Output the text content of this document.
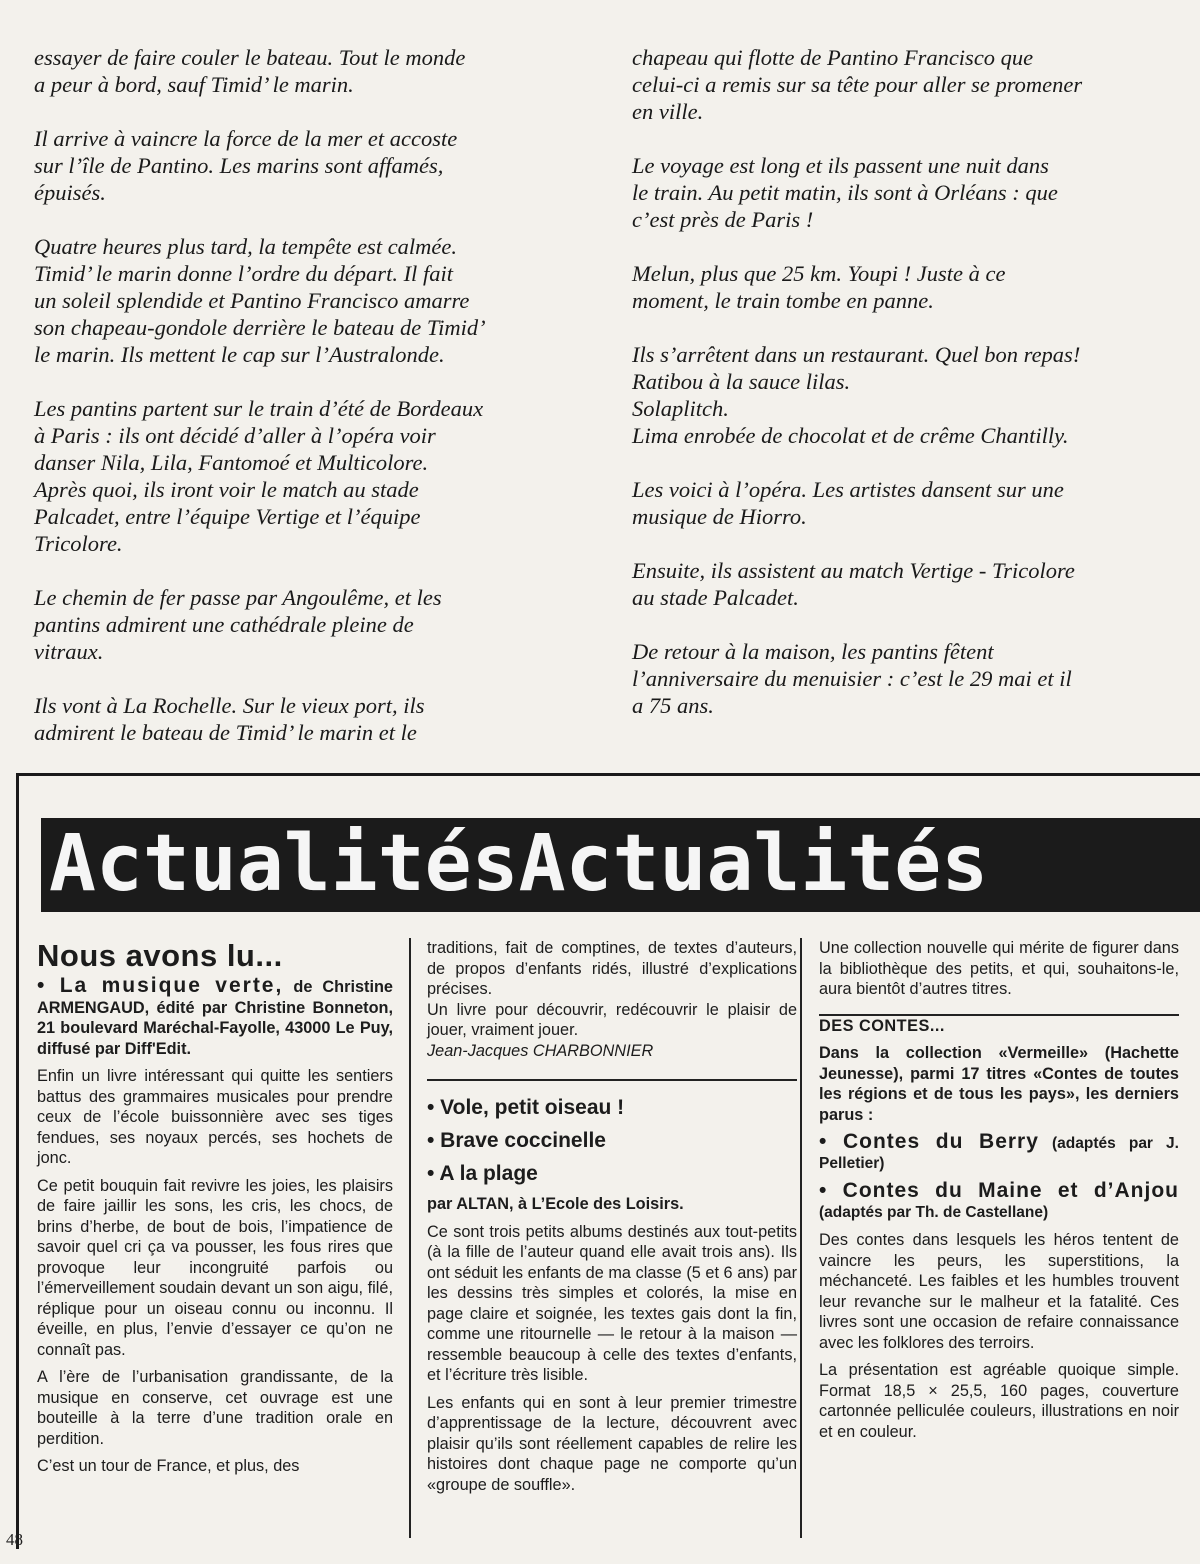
essayer de faire couler le bateau. Tout le monde
a peur à bord, sauf Timid’ le marin.

Il arrive à vaincre la force de la mer et accoste
sur l’île de Pantino. Les marins sont affamés,
épuisés.

Quatre heures plus tard, la tempête est calmée.
Timid’ le marin donne l’ordre du départ. Il fait
un soleil splendide et Pantino Francisco amarre
son chapeau-gondole derrière le bateau de Timid’
le marin. Ils mettent le cap sur l’Australonde.

Les pantins partent sur le train d’été de Bordeaux
à Paris : ils ont décidé d’aller à l’opéra voir
danser Nila, Lila, Fantomoé et Multicolore.
Après quoi, ils iront voir le match au stade
Palcadet, entre l’équipe Vertige et l’équipe
Tricolore.

Le chemin de fer passe par Angoulême, et les
pantins admirent une cathédrale pleine de
vitraux.

Ils vont à La Rochelle. Sur le vieux port, ils
admirent le bateau de Timid’ le marin et le

chapeau qui flotte de Pantino Francisco que
celui-ci a remis sur sa tête pour aller se promener
en ville.

Le voyage est long et ils passent une nuit dans
le train. Au petit matin, ils sont à Orléans : que
c’est près de Paris !

Melun, plus que 25 km. Youpi ! Juste à ce
moment, le train tombe en panne.

Ils s’arrêtent dans un restaurant. Quel bon repas!
Ratibou à la sauce lilas.
Solaplitch.
Lima enrobée de chocolat et de crême Chantilly.

Les voici à l’opéra. Les artistes dansent sur une
musique de Hiorro.

Ensuite, ils assistent au match Vertige - Tricolore
au stade Palcadet.

De retour à la maison, les pantins fêtent
l’anniversaire du menuisier : c’est le 29 mai et il
a 75 ans.

ActualitésActualités
Nous avons lu...

• La musique verte, de Christine ARMENGAUD, édité par Christine Bonneton, 21 boulevard Maréchal-Fayolle, 43000 Le Puy, diffusé par Diff'Edit.

Enfin un livre intéressant qui quitte les sentiers battus des grammaires musicales pour prendre ceux de l’école buissonnière avec ses tiges fendues, ses noyaux percés, ses hochets de jonc.

Ce petit bouquin fait revivre les joies, les plaisirs de faire jaillir les sons, les cris, les chocs, de brins d’herbe, de bout de bois, l’impatience de savoir quel cri ça va pousser, les fous rires que provoque leur incongruité parfois ou l’émerveillement soudain devant un son aigu, filé, réplique pour un oiseau connu ou inconnu. Il éveille, en plus, l’envie d’essayer ce qu’on ne connaît pas.

A l’ère de l’urbanisation grandissante, de la musique en conserve, cet ouvrage est une bouteille à la terre d’une tradition orale en perdition.

C’est un tour de France, et plus, des

traditions, fait de comptines, de textes d’auteurs, de propos d’enfants ridés, illustré d’explications précises.

Un livre pour découvrir, redécouvrir le plaisir de jouer, vraiment jouer.

Jean-Jacques CHARBONNIER

• Vole, petit oiseau !

• Brave coccinelle

• A la plage

par ALTAN, à L’Ecole des Loisirs.

Ce sont trois petits albums destinés aux tout-petits (à la fille de l’auteur quand elle avait trois ans). Ils ont séduit les enfants de ma classe (5 et 6 ans) par les dessins très simples et colorés, la mise en page claire et soignée, les textes gais dont la fin, comme une ritournelle — le retour à la maison — ressemble beaucoup à celle des textes d’enfants, et l’écriture très lisible.

Les enfants qui en sont à leur premier trimestre d’apprentissage de la lecture, découvrent avec plaisir qu’ils sont réellement capables de relire les histoires dont chaque page ne comporte qu’un «groupe de souffle».

Une collection nouvelle qui mérite de figurer dans la bibliothèque des petits, et qui, souhaitons-le, aura bientôt d’autres titres.

DES CONTES...

Dans la collection «Vermeille» (Hachette Jeunesse), parmi 17 titres «Contes de toutes les régions et de tous les pays», les derniers parus :

• Contes du Berry (adaptés par J. Pelletier)

• Contes du Maine et d’Anjou (adaptés par Th. de Castellane)

Des contes dans lesquels les héros tentent de vaincre les peurs, les superstitions, la méchanceté. Les faibles et les humbles trouvent leur revanche sur le malheur et la fatalité. Ces livres sont une occasion de refaire connaissance avec les folklores des terroirs.

La présentation est agréable quoique simple. Format 18,5 × 25,5, 160 pages, couverture cartonnée pelliculée couleurs, illustrations en noir et en couleur.

48
